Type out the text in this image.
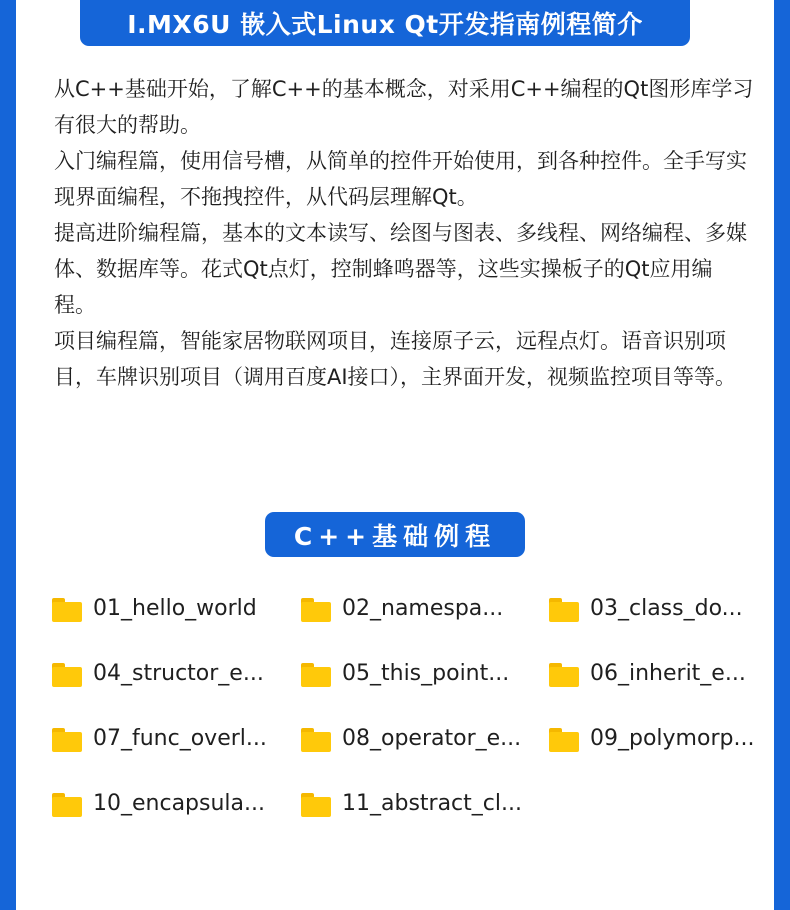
I.MX6U 嵌入式Linux Qt开发指南例程简介

从C++基础开始，了解C++的基本概念，对采用C++编程的Qt图形库学习有很大的帮助。

入门编程篇，使用信号槽，从简单的控件开始使用，到各种控件。全手写实现界面编程，不拖拽控件，从代码层理解Qt。

提高进阶编程篇，基本的文本读写、绘图与图表、多线程、网络编程、多媒体、数据库等。花式Qt点灯，控制蜂鸣器等，这些实操板子的Qt应用编程。

项目编程篇，智能家居物联网项目，连接原子云，远程点灯。语音识别项目，车牌识别项目（调用百度AI接口），主界面开发，视频监控项目等等。

C++基础例程
01_hello_world	02_namespa...	03_class_do...
04_structor_e...	05_this_point...	06_inherit_e...
07_func_overl...	08_operator_e...	09_polymorp...
10_encapsula...	11_abstract_cl...
